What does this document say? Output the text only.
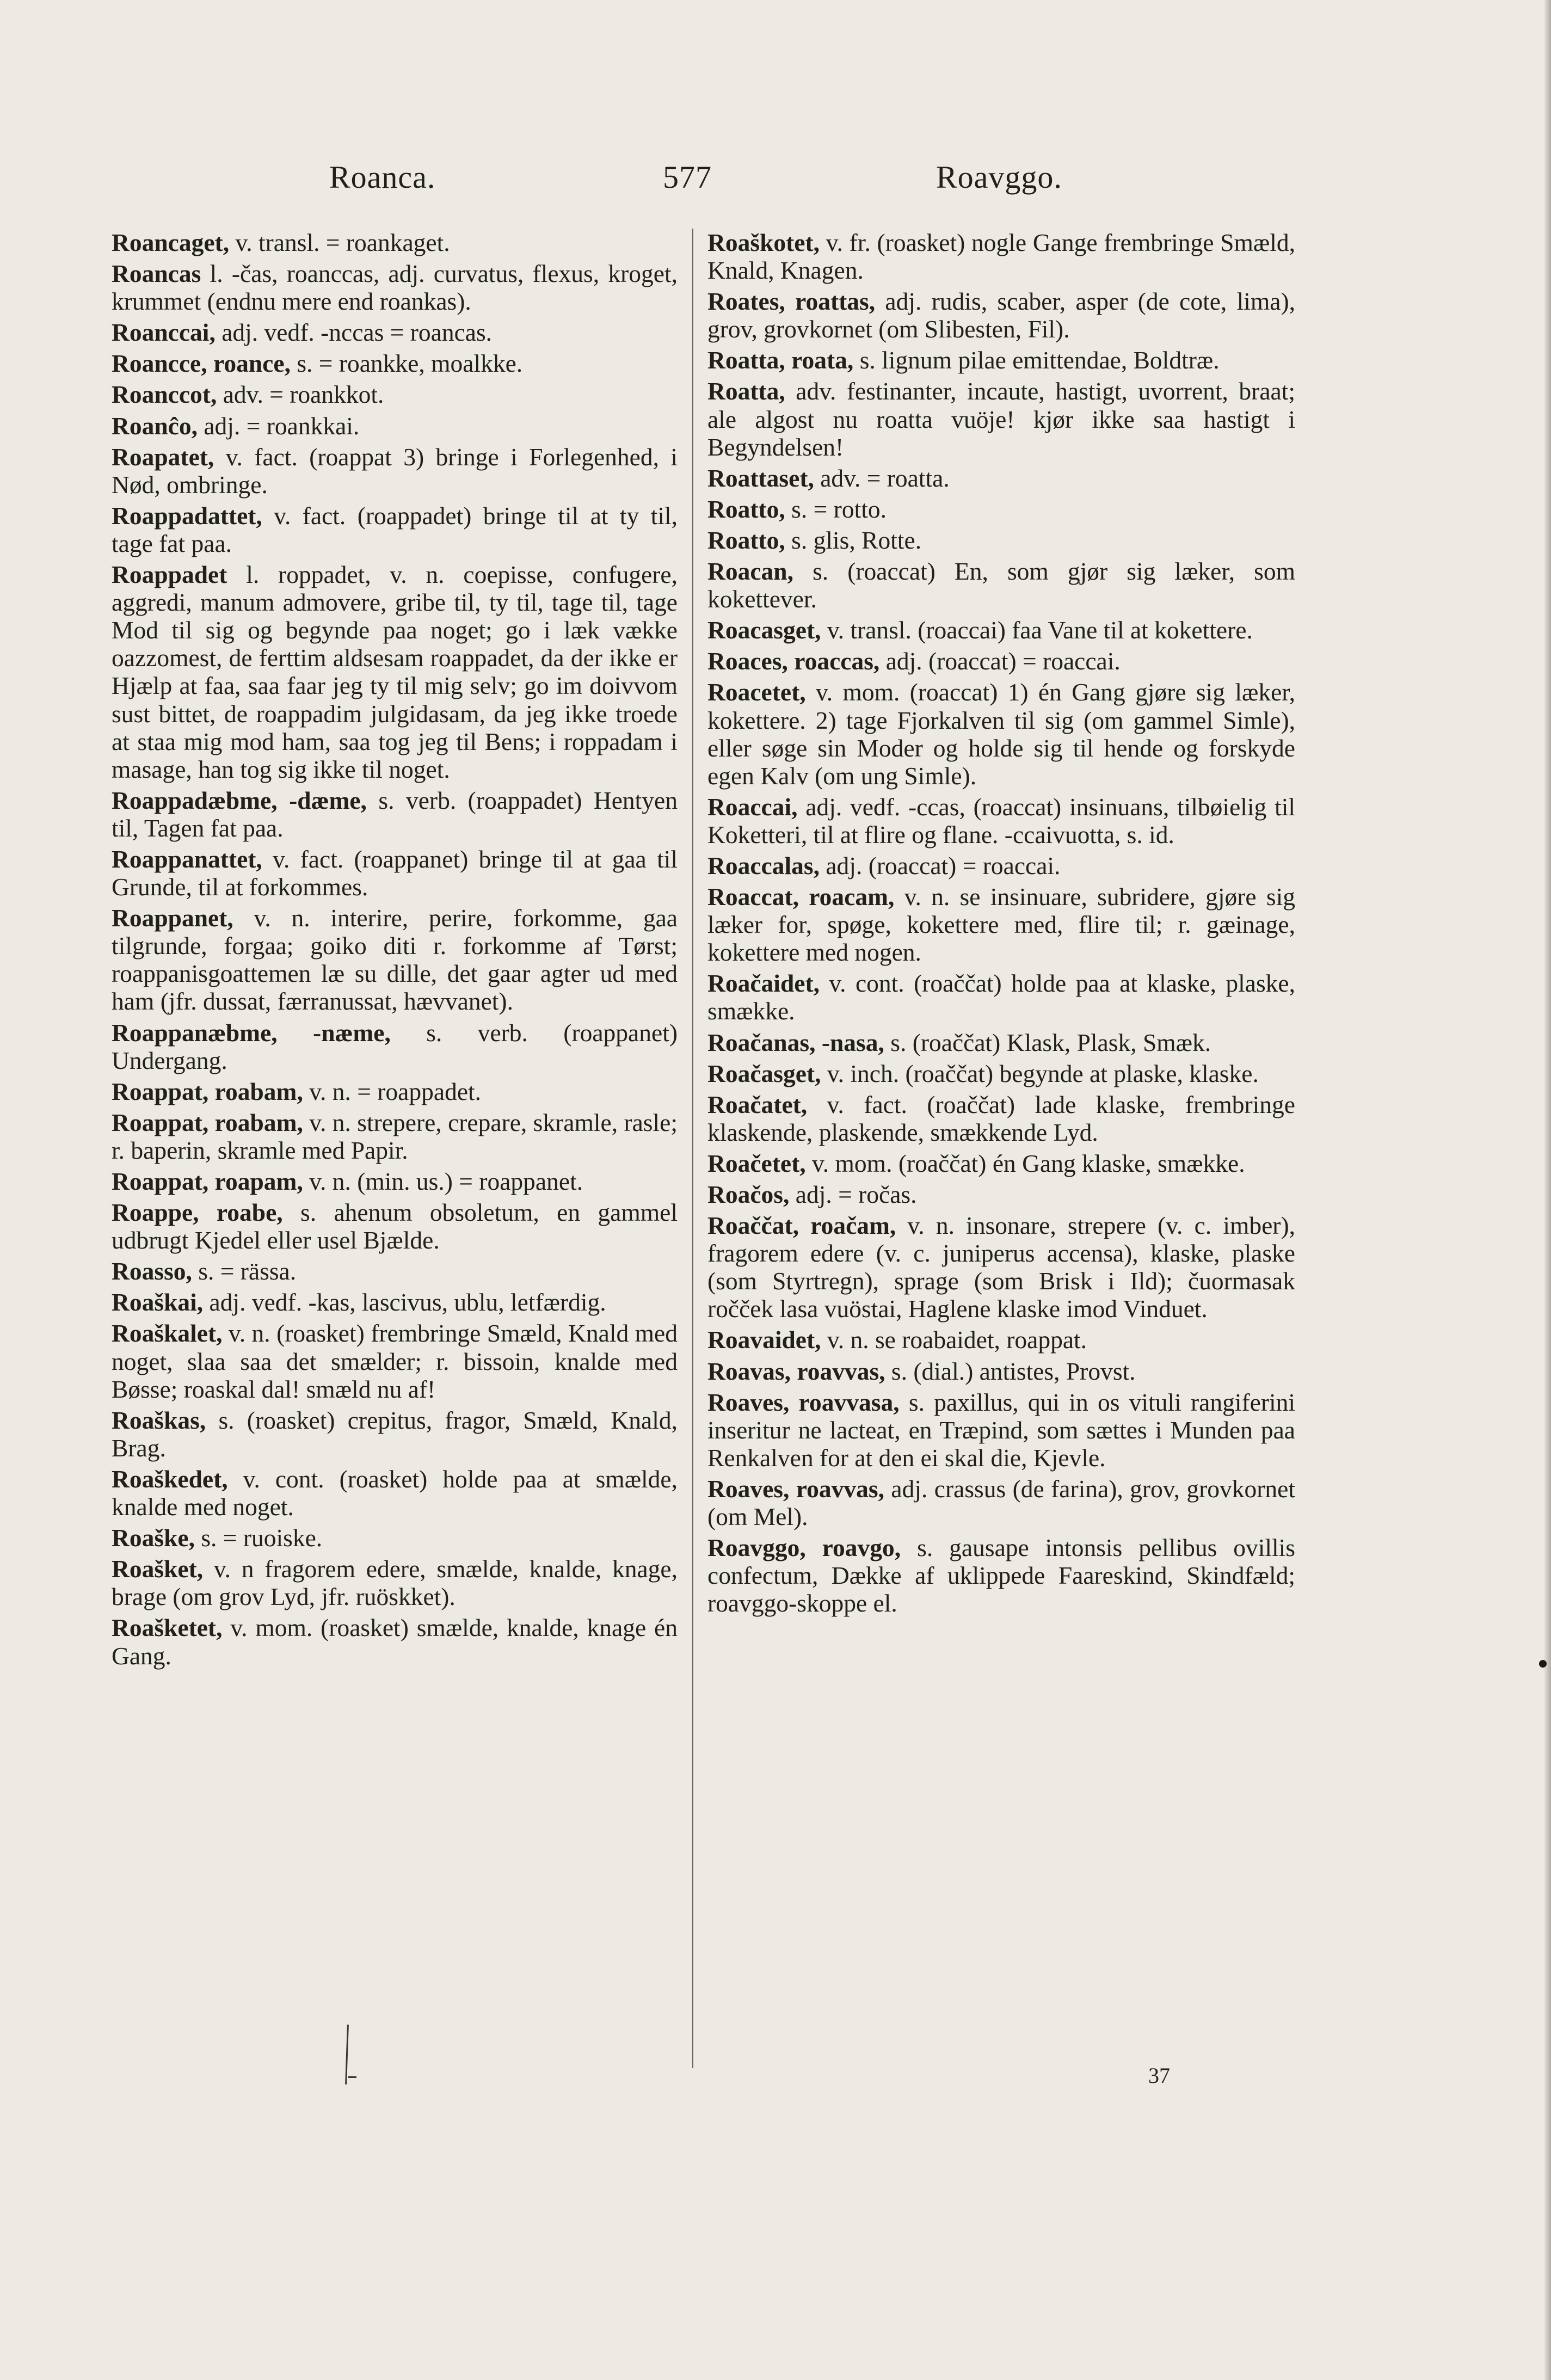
Roanca.	577	Roavggo.

Roancaget, v. transl. = roankaget.

Roancas l. -čas, roanccas, adj. curvatus, flexus, kroget, krummet (endnu mere end roankas).

Roanccai, adj. vedf. -nccas = roancas.

Roancce, roance, s. = roankke, moalkke.

Roanccot, adv. = roankkot.

Roanĉo, adj. = roankkai.

Roapatet, v. fact. (roappat 3) bringe i Forlegenhed, i Nød, ombringe.

Roappadattet, v. fact. (roappadet) bringe til at ty til, tage fat paa.

Roappadet l. roppadet, v. n. coepisse, confugere, aggredi, manum admovere, gribe til, ty til, tage til, tage Mod til sig og begynde paa noget; go i læk vække oazzomest, de ferttim aldsesam roappadet, da der ikke er Hjælp at faa, saa faar jeg ty til mig selv; go im doivvom sust bittet, de roappadim julgidasam, da jeg ikke troede at staa mig mod ham, saa tog jeg til Bens; i roppadam i masage, han tog sig ikke til noget.

Roappadæbme, -dæme, s. verb. (roappadet) Hentyen til, Tagen fat paa.

Roappanattet, v. fact. (roappanet) bringe til at gaa til Grunde, til at forkommes.

Roappanet, v. n. interire, perire, forkomme, gaa tilgrunde, forgaa; goiko diti r. forkomme af Tørst; roappanisgoattemen læ su dille, det gaar agter ud med ham (jfr. dussat, færranussat, hævvanet).

Roappanæbme, -næme, s. verb. (roappanet) Undergang.

Roappat, roabam, v. n. = roappadet.

Roappat, roabam, v. n. strepere, crepare, skramle, rasle; r. baperin, skramle med Papir.

Roappat, roapam, v. n. (min. us.) = roappanet.

Roappe, roabe, s. ahenum obsoletum, en gammel udbrugt Kjedel eller usel Bjælde.

Roasso, s. = rässa.

Roaškai, adj. vedf. -kas, lascivus, ublu, letfærdig.

Roaškalet, v. n. (roasket) frembringe Smæld, Knald med noget, slaa saa det smælder; r. bissoin, knalde med Bøsse; roaskal dal! smæld nu af!

Roaškas, s. (roasket) crepitus, fragor, Smæld, Knald, Brag.

Roaškedet, v. cont. (roasket) holde paa at smælde, knalde med noget.

Roaške, s. = ruoiske.

Roašket, v. n fragorem edere, smælde, knalde, knage, brage (om grov Lyd, jfr. ruöskket).

Roašketet, v. mom. (roasket) smælde, knalde, knage én Gang.

Roaškotet, v. fr. (roasket) nogle Gange frembringe Smæld, Knald, Knagen.

Roates, roattas, adj. rudis, scaber, asper (de cote, lima), grov, grovkornet (om Slibesten, Fil).

Roatta, roata, s. lignum pilae emittendae, Boldtræ.

Roatta, adv. festinanter, incaute, hastigt, uvorrent, braat; ale algost nu roatta vuöje! kjør ikke saa hastigt i Begyndelsen!

Roattaset, adv. = roatta.

Roatto, s. = rotto.

Roatto, s. glis, Rotte.

Roacan, s. (roaccat) En, som gjør sig læker, som kokettever.

Roacasget, v. transl. (roaccai) faa Vane til at kokettere.

Roaces, roaccas, adj. (roaccat) = roaccai.

Roacetet, v. mom. (roaccat) 1) én Gang gjøre sig læker, kokettere. 2) tage Fjorkalven til sig (om gammel Simle), eller søge sin Moder og holde sig til hende og forskyde egen Kalv (om ung Simle).

Roaccai, adj. vedf. -ccas, (roaccat) insinuans, tilbøielig til Koketteri, til at flire og flane. -ccaivuotta, s. id.

Roaccalas, adj. (roaccat) = roaccai.

Roaccat, roacam, v. n. se insinuare, subridere, gjøre sig læker for, spøge, kokettere med, flire til; r. gæinage, kokettere med nogen.

Roačaidet, v. cont. (roaččat) holde paa at klaske, plaske, smække.

Roačanas, -nasa, s. (roaččat) Klask, Plask, Smæk.

Roačasget, v. inch. (roaččat) begynde at plaske, klaske.

Roačatet, v. fact. (roaččat) lade klaske, frembringe klaskende, plaskende, smækkende Lyd.

Roačetet, v. mom. (roaččat) én Gang klaske, smække.

Roačos, adj. = ročas.

Roaččat, roačam, v. n. insonare, strepere (v. c. imber), fragorem edere (v. c. juniperus accensa), klaske, plaske (som Styrtregn), sprage (som Brisk i Ild); čuormasak ročček lasa vuöstai, Haglene klaske imod Vinduet.

Roavaidet, v. n. se roabaidet, roappat.

Roavas, roavvas, s. (dial.) antistes, Provst.

Roaves, roavvasa, s. paxillus, qui in os vituli rangiferini inseritur ne lacteat, en Træpind, som sættes i Munden paa Renkalven for at den ei skal die, Kjevle.

Roaves, roavvas, adj. crassus (de farina), grov, grovkornet (om Mel).

Roavggo, roavgo, s. gausape intonsis pellibus ovillis confectum, Dække af uklippede Faareskind, Skindfæld; roavggo-skoppe el.

37
